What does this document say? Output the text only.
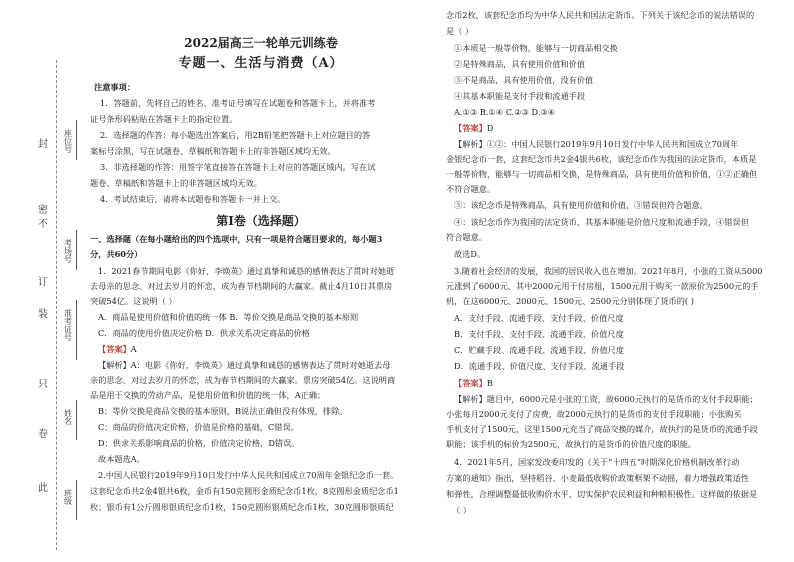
封
密
不
订
装
只
卷
此
座位号
考场号
准考证号
姓名
班级
2022届高三一轮单元训练卷
专题一、生活与消费（A）
注意事项：
1．答题前，先将自己的姓名、准考证号填写在试题卷和答题卡上，并将准考
证号条形码粘贴在答题卡上的指定位置。
2．选择题的作答：每小题选出答案后，用2B铅笔把答题卡上对应题目的答
案标号涂黑，写在试题卷、草稿纸和答题卡上的非答题区域均无效。
3．非选择题的作答：用签字笔直接答在答题卡上对应的答题区域内。写在试
题卷、草稿纸和答题卡上的非答题区域均无效。
4．考试结束后，请将本试题卷和答题卡一并上交。
第Ⅰ卷（选择题）
一、选择题（在每小题给出的四个选项中，只有一项是符合题目要求的，每小题3
分，共60分）
1．2021春节期间电影《你好，李焕英》通过真挚和诚恳的感情表达了贯时对她逝
去母亲的思念、对过去岁月的怀恋，成为春节档期间的大赢家。截止4月10日其票房
突破54亿。这说明（ ）
A．商品是使用价值和价值的统一体 B．等价交换是商品交换的基本原则
C．商品的使用价值决定价格 D．供求关系决定商品的价格
【答案】A
【解析】A：电影《你好，李焕英》通过真挚和诚恳的感情表达了贯时对她逝去母
亲的思念、对过去岁月的怀恋，成为春节档期间的大赢家。票房突破54亿。这说明商
品是用于交换的劳动产品，是使用价值和价值的统一体，A正确；
B：等价交换是商品交换的基本原则，B说法正确但没有体现，排除。
C：商品的价值决定价格，价值是价格的基础，C错误。
D：供求关系影响商品的价格，价值决定价格，D错误。
故本题选A。
2.中国人民银行2019年9月10日发行中华人民共和国成立70周年金银纪念币一套。
这套纪念币共2金4银共6枚，金币有150克圆形金质纪念币1枚，8克圆形金质纪念币1
枚；银币有1公斤圆形银质纪念币1枚，150克圆形银质纪念币1枚，30克圆形银质纪
念币2枚，该套纪念币均为中华人民共和国法定货币。下列关于该纪念币的说法错误的
是（ ）
①本质是一般等价物，能够与一切商品相交换
②是特殊商品，具有使用价值和价值
③不是商品，具有使用价值，没有价值
④其基本职能是支付手段和流通手段
A.①③ B.①④ C.②③ D.③④
【答案】D
【解析】①②：中国人民银行2019年9月10日发行中华人民共和国成立70周年
金银纪念币一套，这套纪念币共2金4银共6枚，该纪念币作为我国的法定货币，本质是
一般等价物，能够与一切商品相交换，是特殊商品，具有使用价值和价值，①②正确但
不符合题意。
③：该纪念币是特殊商品，具有使用价值和价值，③错误但符合题意。
④：该纪念币作为我国的法定货币，其基本职能是价值尺度和流通手段，④错误但
符合题意。
故选D。
3.随着社会经济的发展，我国的居民收入也在增加。2021年8月，小张的工资从5000
元涨到了6000元，其中2000元用于付房租，1500元用于购买一款原价为2500元的手
机，在这6000元、2000元、1500元、2500元分别体现了货币的( )
A．支付手段、流通手段、支付手段、价值尺度
B．支付手段、支付手段、流通手段、价值尺度
C．贮藏手段、流通手段、流通手段、价值尺度
D．流通手段、价值尺度、支付手段、流通手段
【答案】B
【解析】题目中，6000元是小张的工资，故6000元执行的是货币的支付手段职能；
小张每月2000元支付了房费，故2000元执行的是货币的支付手段职能；小张购买
手机支付了1500元，这里1500元充当了商品交换的媒介，故执行的是货币的流通手段
职能；该手机的标价为2500元，故执行的是货币的价值尺度的职能。
4．2021年5月，国家发改委印发的《关于“十四五”时期深化价格机制改革行动
方案的通知》指出，坚持稻谷、小麦最低收购价政策框架不动摇，着力增强政策适性
和弹性，合理调整最低收购价水平，切实保护农民利益和种粮积极性。这样做的依据是
（ ）
